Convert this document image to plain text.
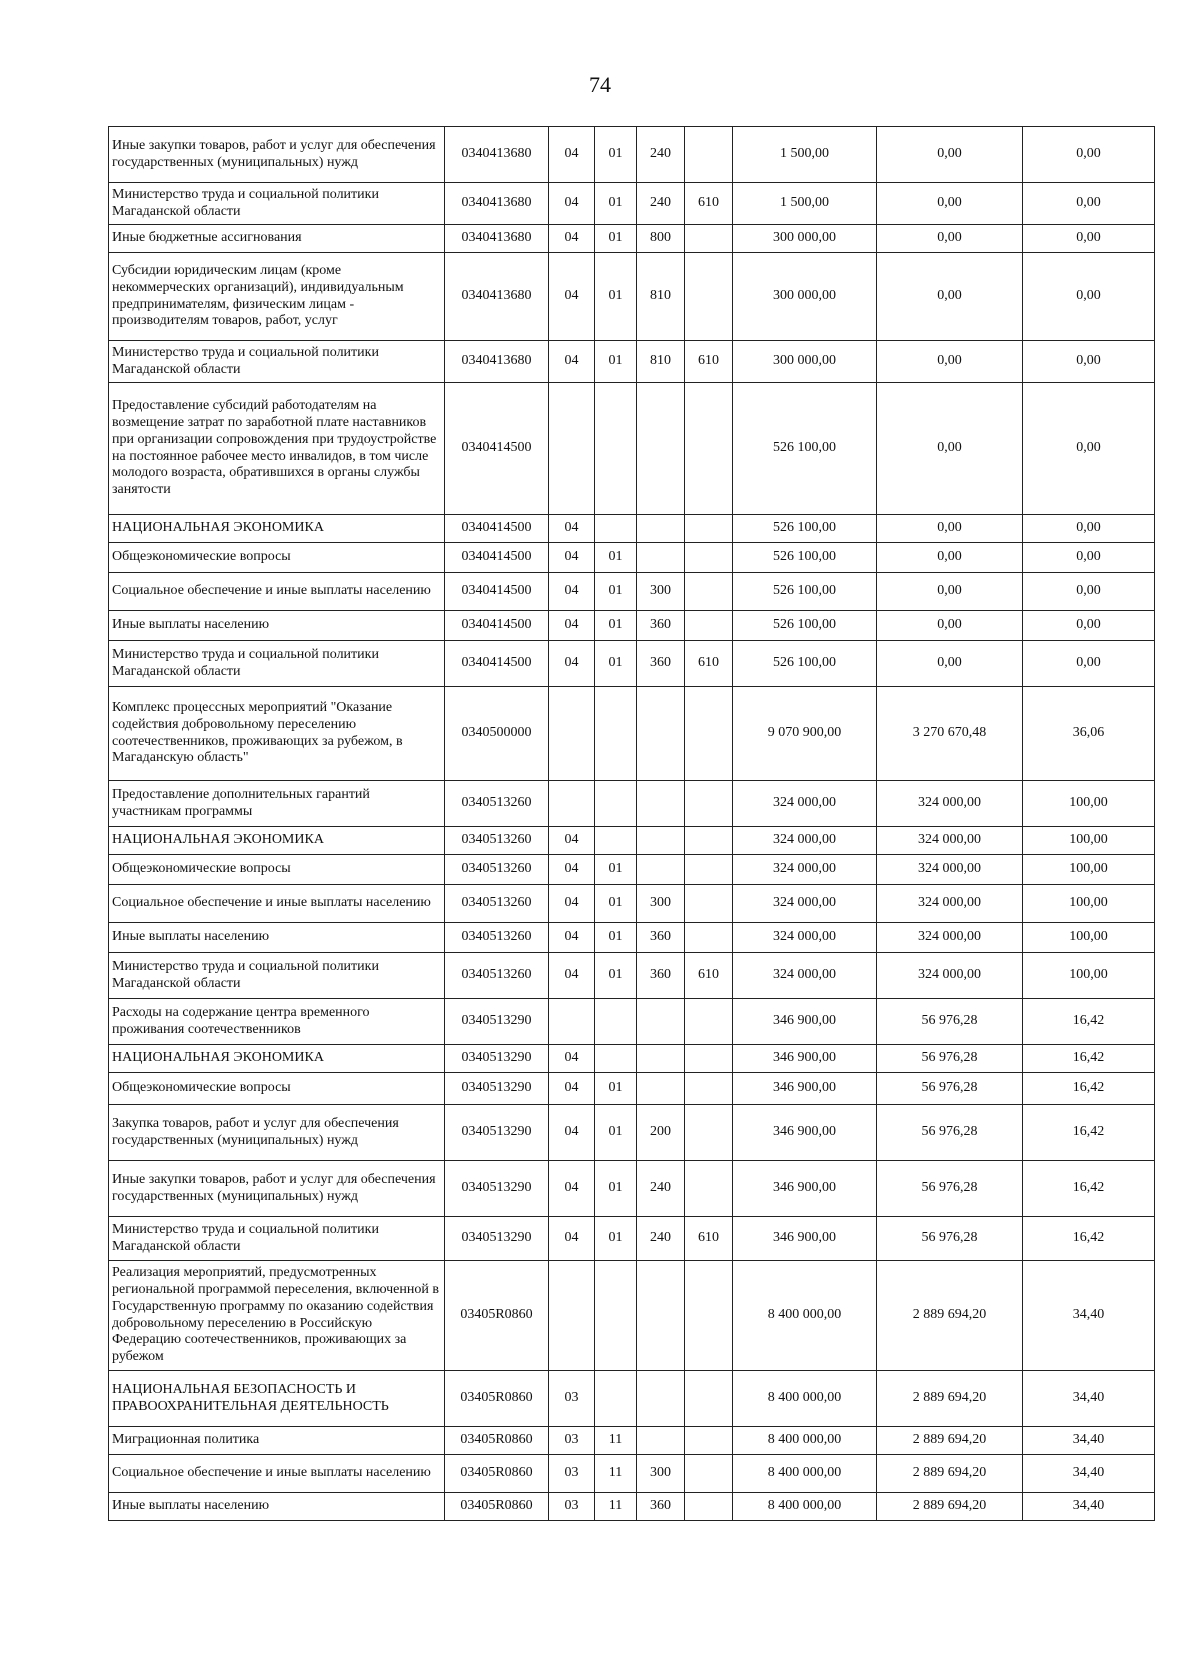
74
Иные закупки товаров, работ и услуг для обеспечения государственных (муниципальных) нужд	0340413680	04	01	240		1 500,00	0,00	0,00
Министерство труда и социальной политики Магаданской области	0340413680	04	01	240	610	1 500,00	0,00	0,00
Иные бюджетные ассигнования	0340413680	04	01	800		300 000,00	0,00	0,00
Субсидии юридическим лицам (кроме некоммерческих организаций), индивидуальным предпринимателям, физическим лицам - производителям товаров, работ, услуг	0340413680	04	01	810		300 000,00	0,00	0,00
Министерство труда и социальной политики Магаданской области	0340413680	04	01	810	610	300 000,00	0,00	0,00
Предоставление субсидий работодателям на возмещение затрат по заработной плате наставников при организации сопровождения при трудоустройстве на постоянное рабочее место инвалидов, в том числе молодого возраста, обратившихся в органы службы занятости	0340414500					526 100,00	0,00	0,00
НАЦИОНАЛЬНАЯ ЭКОНОМИКА	0340414500	04				526 100,00	0,00	0,00
Общеэкономические вопросы	0340414500	04	01			526 100,00	0,00	0,00
Социальное обеспечение и иные выплаты населению	0340414500	04	01	300		526 100,00	0,00	0,00
Иные выплаты населению	0340414500	04	01	360		526 100,00	0,00	0,00
Министерство труда и социальной политики Магаданской области	0340414500	04	01	360	610	526 100,00	0,00	0,00
Комплекс процессных мероприятий "Оказание содействия добровольному переселению соотечественников, проживающих за рубежом, в Магаданскую область"	0340500000					9 070 900,00	3 270 670,48	36,06
Предоставление дополнительных гарантий участникам программы	0340513260					324 000,00	324 000,00	100,00
НАЦИОНАЛЬНАЯ ЭКОНОМИКА	0340513260	04				324 000,00	324 000,00	100,00
Общеэкономические вопросы	0340513260	04	01			324 000,00	324 000,00	100,00
Социальное обеспечение и иные выплаты населению	0340513260	04	01	300		324 000,00	324 000,00	100,00
Иные выплаты населению	0340513260	04	01	360		324 000,00	324 000,00	100,00
Министерство труда и социальной политики Магаданской области	0340513260	04	01	360	610	324 000,00	324 000,00	100,00
Расходы на содержание центра временного проживания соотечественников	0340513290					346 900,00	56 976,28	16,42
НАЦИОНАЛЬНАЯ ЭКОНОМИКА	0340513290	04				346 900,00	56 976,28	16,42
Общеэкономические вопросы	0340513290	04	01			346 900,00	56 976,28	16,42
Закупка товаров, работ и услуг для обеспечения государственных (муниципальных) нужд	0340513290	04	01	200		346 900,00	56 976,28	16,42
Иные закупки товаров, работ и услуг для обеспечения государственных (муниципальных) нужд	0340513290	04	01	240		346 900,00	56 976,28	16,42
Министерство труда и социальной политики Магаданской области	0340513290	04	01	240	610	346 900,00	56 976,28	16,42
Реализация мероприятий, предусмотренных региональной программой переселения, включенной в Государственную программу по оказанию содействия добровольному переселению в Российскую Федерацию соотечественников, проживающих за рубежом	03405R0860					8 400 000,00	2 889 694,20	34,40
НАЦИОНАЛЬНАЯ БЕЗОПАСНОСТЬ И ПРАВООХРАНИТЕЛЬНАЯ ДЕЯТЕЛЬНОСТЬ	03405R0860	03				8 400 000,00	2 889 694,20	34,40
Миграционная политика	03405R0860	03	11			8 400 000,00	2 889 694,20	34,40
Социальное обеспечение и иные выплаты населению	03405R0860	03	11	300		8 400 000,00	2 889 694,20	34,40
Иные выплаты населению	03405R0860	03	11	360		8 400 000,00	2 889 694,20	34,40
